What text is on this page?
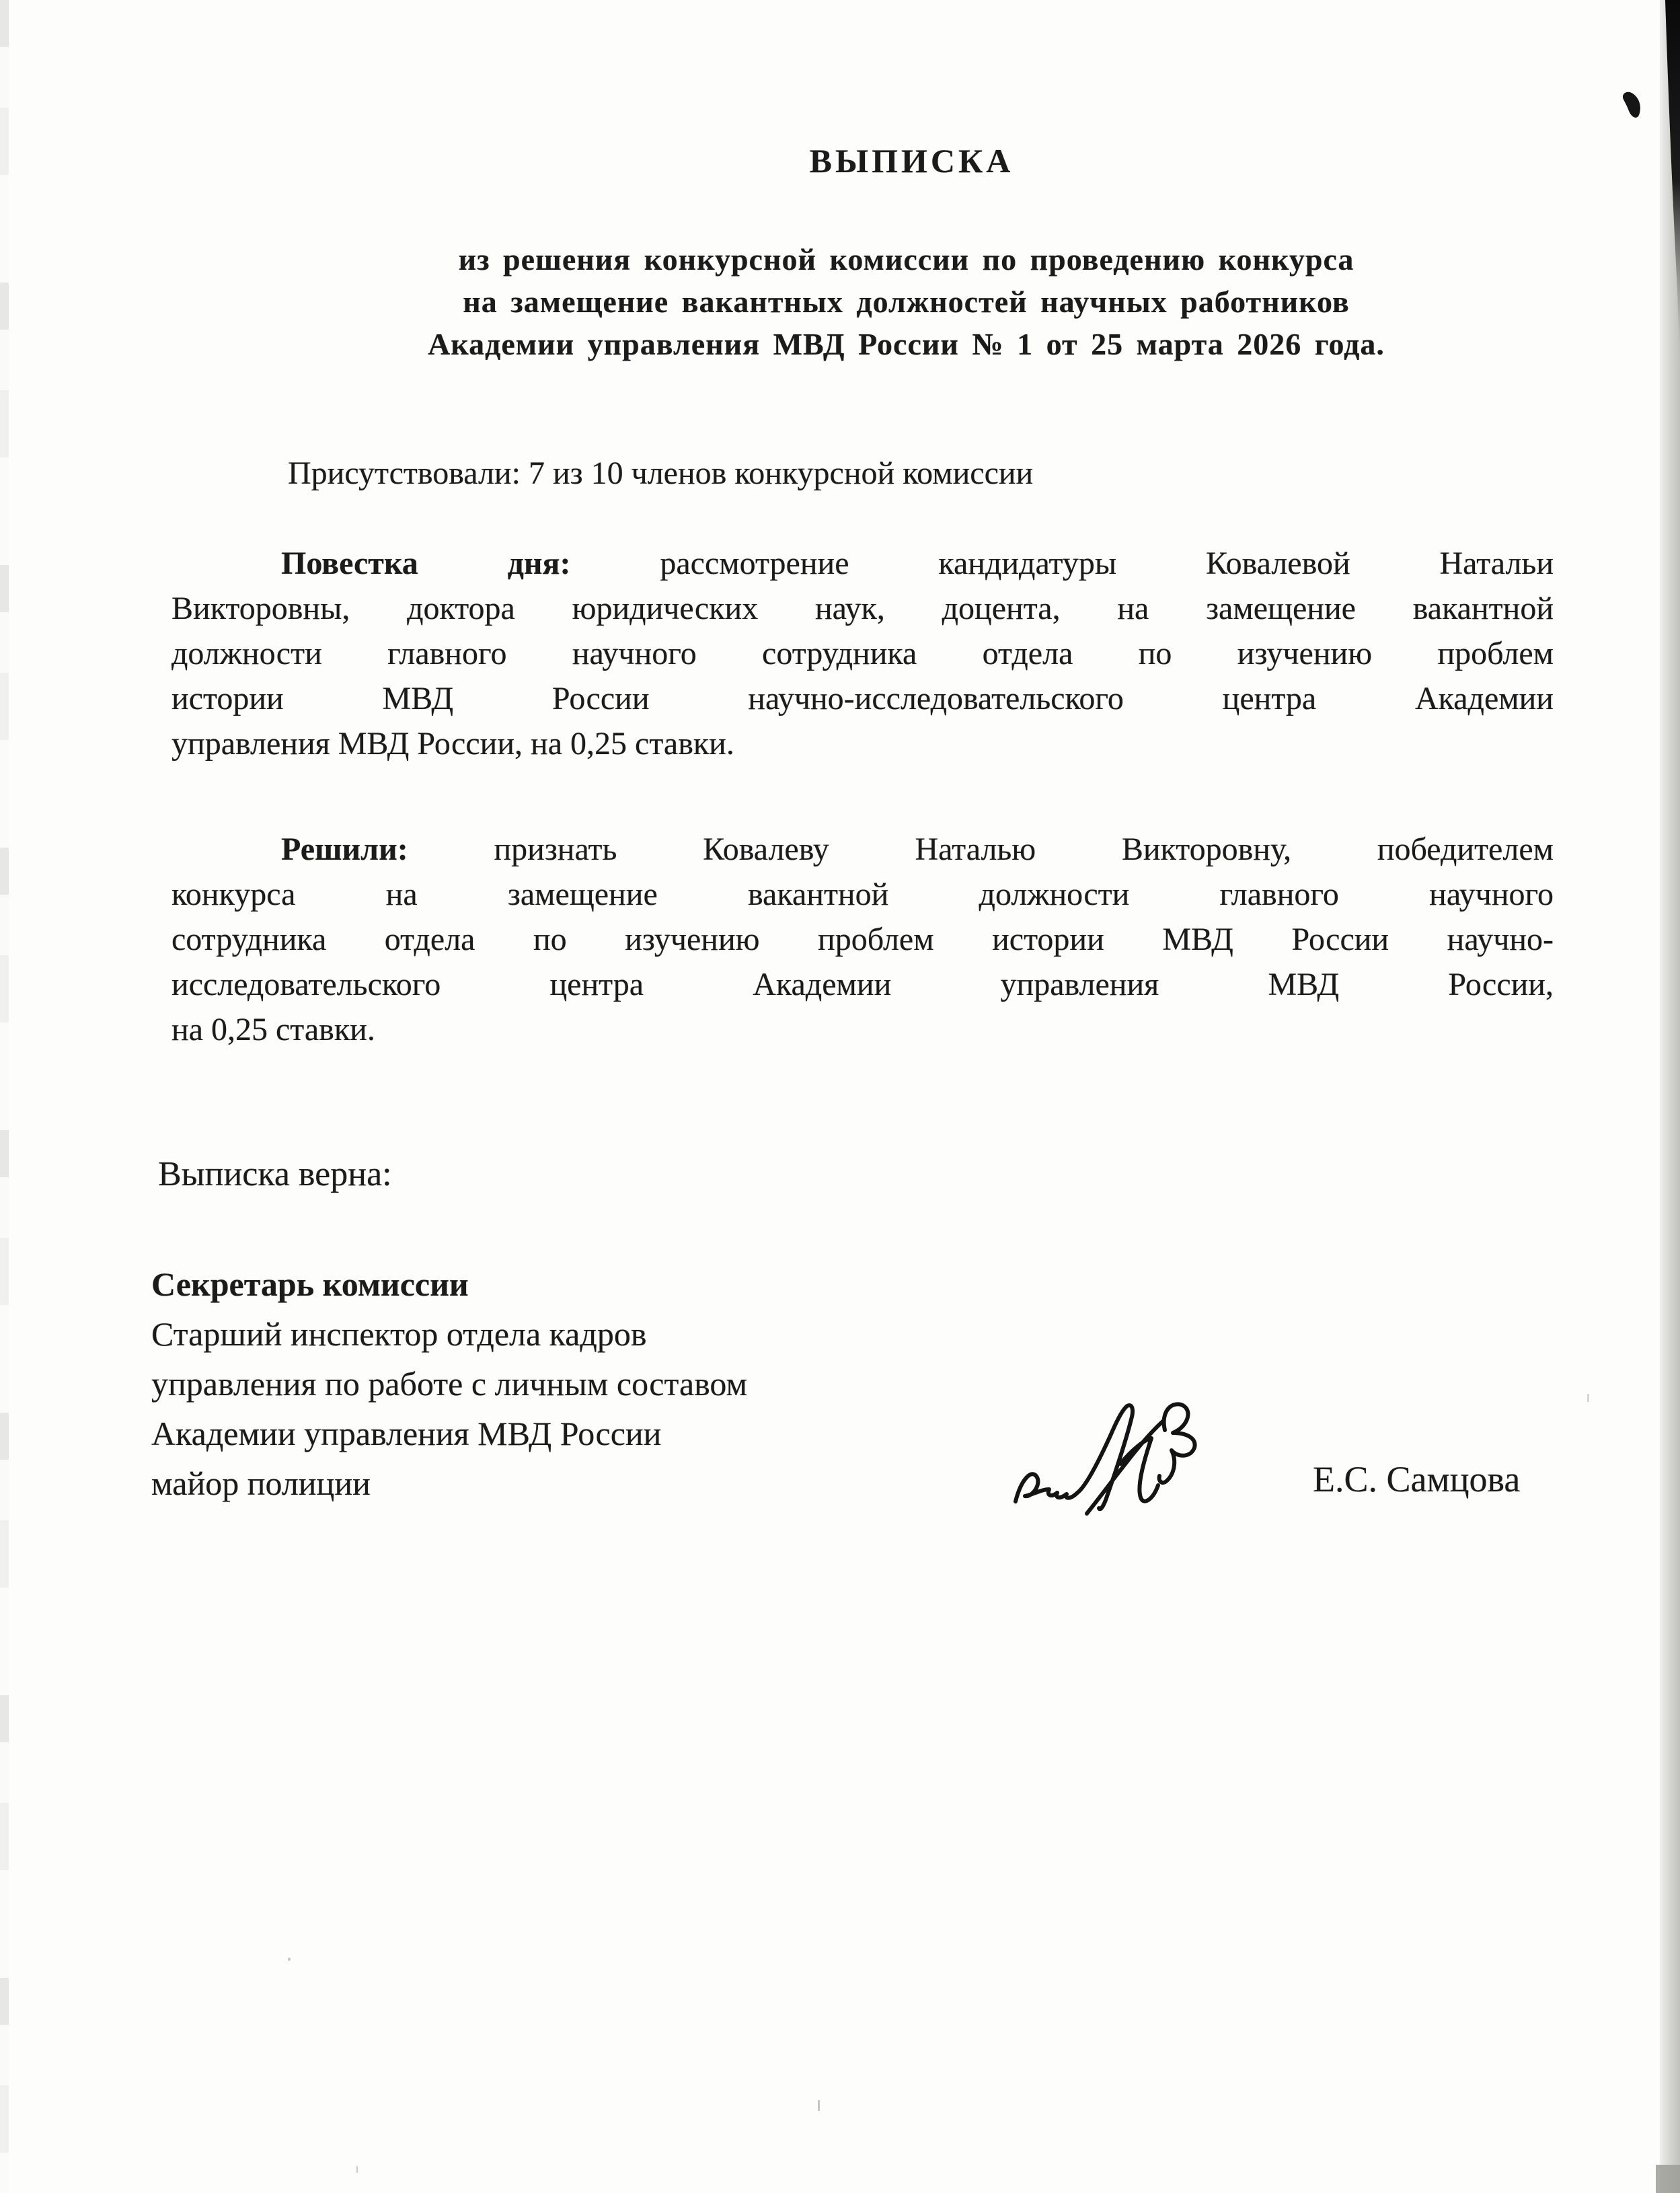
ВЫПИСКА
из решения конкурсной комиссии по проведению конкурса
на замещение вакантных должностей научных работников
Академии управления МВД России № 1 от 25 марта 2026 года.
Присутствовали: 7 из 10 членов конкурсной комиссии

Повестка дня: рассмотрение кандидатуры Ковалевой Натальи
Викторовны, доктора юридических наук, доцента, на замещение вакантной
должности главного научного сотрудника отдела по изучению проблем
истории МВД России научно-исследовательского центра Академии
управления МВД России, на 0,25 ставки.

Решили: признать Ковалеву Наталью Викторовну, победителем
конкурса на замещение вакантной должности главного научного
сотрудника отдела по изучению проблем истории МВД России научно-
исследовательского центра Академии управления МВД России,
на 0,25 ставки.

Выписка верна:
Секретарь комиссии
Старший инспектор отдела кадров
управления по работе с личным составом
Академии управления МВД России
майор полиции	Е.С. Самцова
